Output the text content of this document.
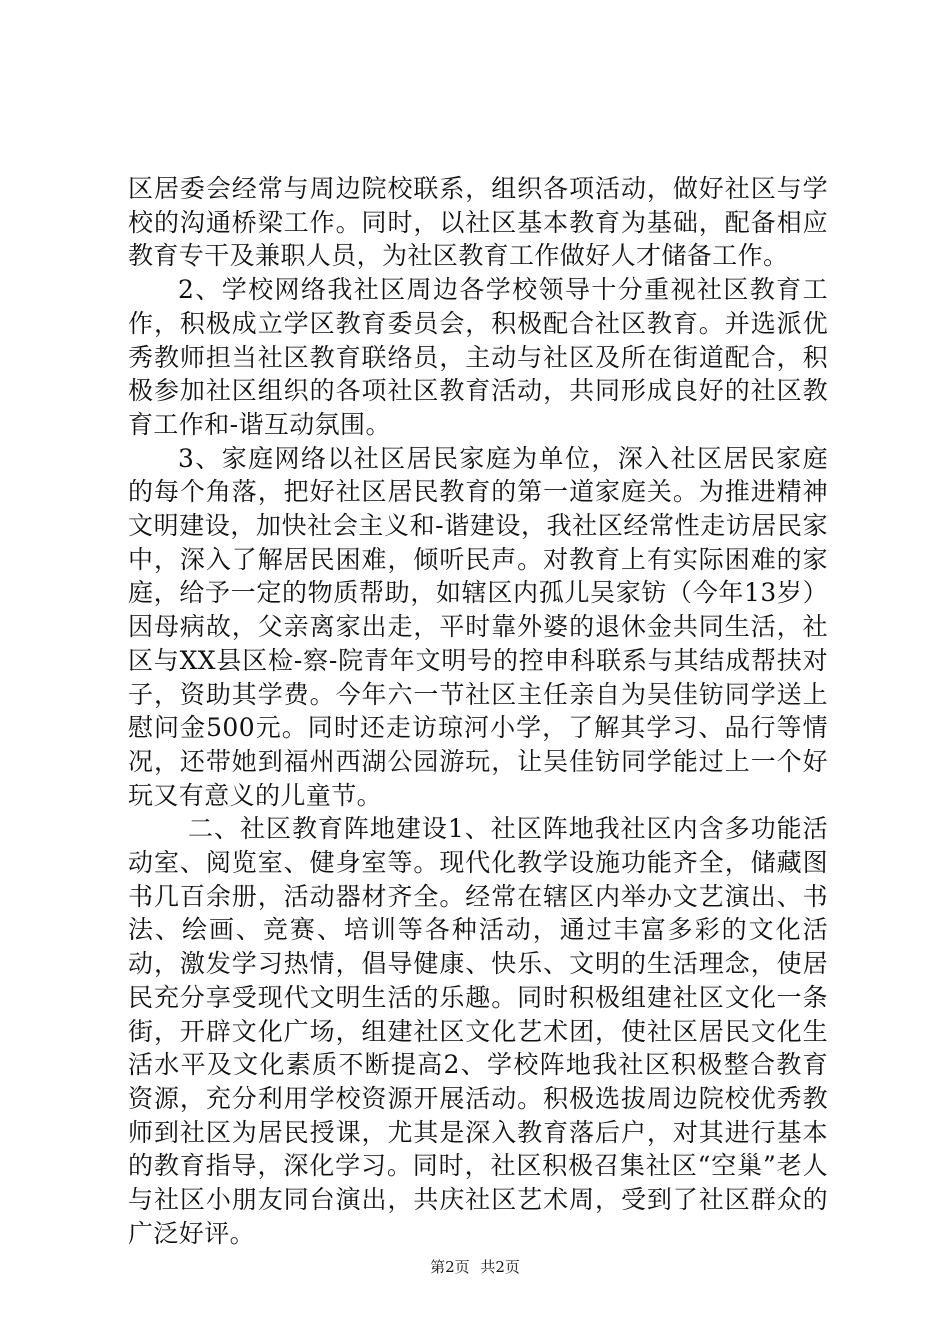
区居委会经常与周边院校联系，组织各项活动，做好社区与学校的沟通桥梁工作。同时，以社区基本教育为基础，配备相应教育专干及兼职人员，为社区教育工作做好人才储备工作。

2、学校网络我社区周边各学校领导十分重视社区教育工作，积极成立学区教育委员会，积极配合社区教育。并选派优秀教师担当社区教育联络员，主动与社区及所在街道配合，积极参加社区组织的各项社区教育活动，共同形成良好的社区教育工作和-谐互动氛围。

3、家庭网络以社区居民家庭为单位，深入社区居民家庭的每个角落，把好社区居民教育的第一道家庭关。为推进精神文明建设，加快社会主义和-谐建设，我社区经常性走访居民家中，深入了解居民困难，倾听民声。对教育上有实际困难的家庭，给予一定的物质帮助，如辖区内孤儿吴家钫（今年13岁）因母病故，父亲离家出走，平时靠外婆的退休金共同生活，社区与XX县区检-察-院青年文明号的控申科联系与其结成帮扶对子，资助其学费。今年六一节社区主任亲自为吴佳钫同学送上慰问金500元。同时还走访琼河小学，了解其学习、品行等情况，还带她到福州西湖公园游玩，让吴佳钫同学能过上一个好玩又有意义的儿童节。

二、社区教育阵地建设1、社区阵地我社区内含多功能活动室、阅览室、健身室等。现代化教学设施功能齐全，储藏图书几百余册，活动器材齐全。经常在辖区内举办文艺演出、书法、绘画、竞赛、培训等各种活动，通过丰富多彩的文化活动，激发学习热情，倡导健康、快乐、文明的生活理念，使居民充分享受现代文明生活的乐趣。同时积极组建社区文化一条街，开辟文化广场，组建社区文化艺术团，使社区居民文化生活水平及文化素质不断提高2、学校阵地我社区积极整合教育资源，充分利用学校资源开展活动。积极选拔周边院校优秀教师到社区为居民授课，尤其是深入教育落后户，对其进行基本的教育指导，深化学习。同时，社区积极召集社区“空巢”老人与社区小朋友同台演出，共庆社区艺术周，受到了社区群众的广泛好评。

第2页 共2页
